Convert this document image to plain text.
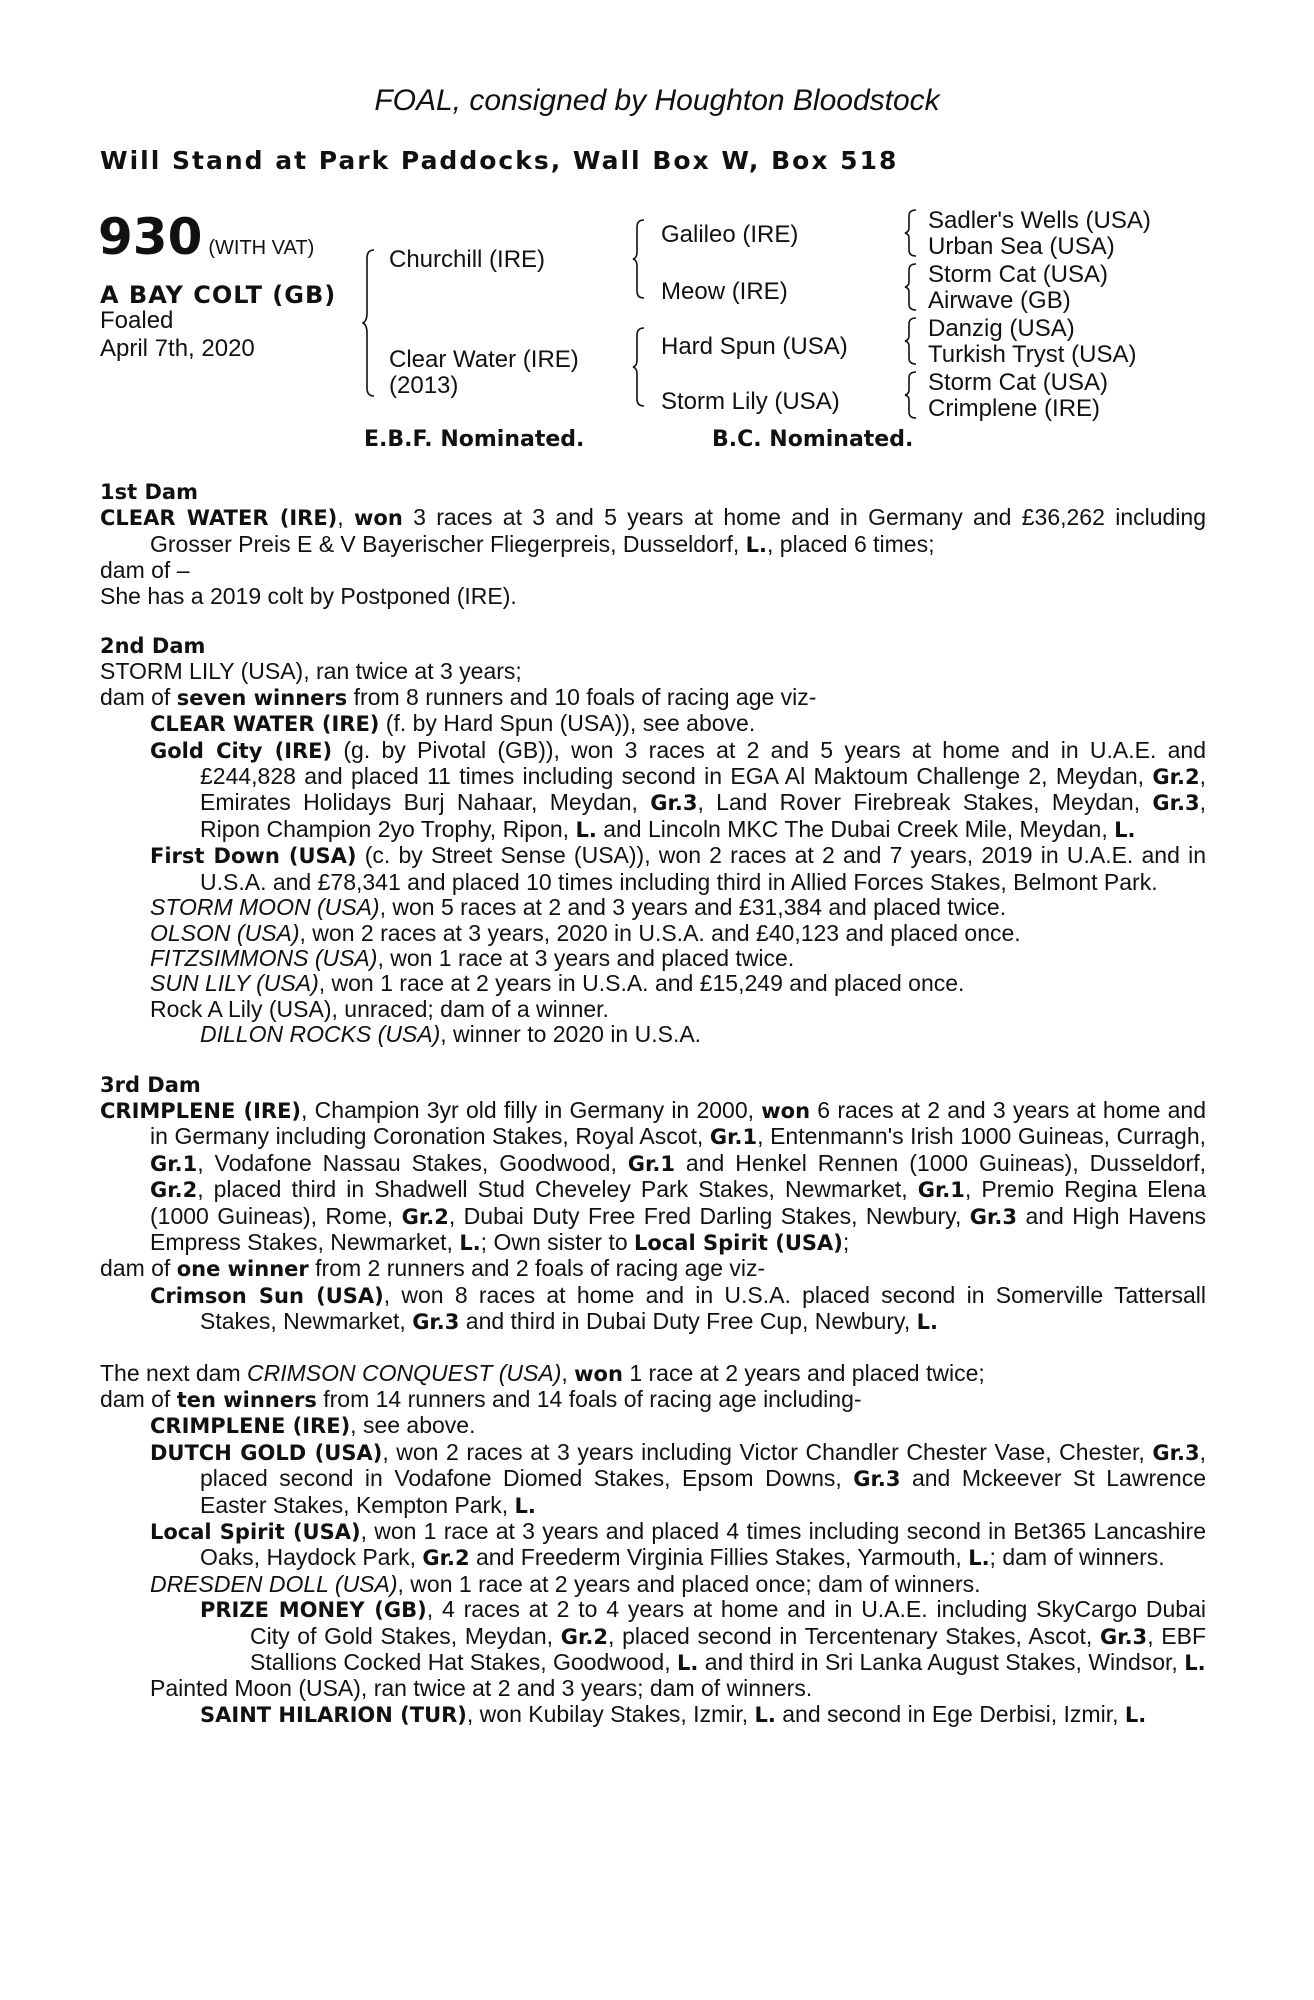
FOAL, consigned by Houghton Bloodstock
Will Stand at Park Paddocks, Wall Box W, Box 518
930 (WITH VAT)
A BAY COLT (GB)
Foaled
April 7th, 2020
Churchill (IRE)
Clear Water (IRE)
(2013)
Galileo (IRE)
Meow (IRE)
Hard Spun (USA)
Storm Lily (USA)
Sadler's Wells (USA)
Urban Sea (USA)
Storm Cat (USA)
Airwave (GB)
Danzig (USA)
Turkish Tryst (USA)
Storm Cat (USA)
Crimplene (IRE)
E.B.F. Nominated.	B.C. Nominated.
1st Dam
CLEAR WATER (IRE), won 3 races at 3 and 5 years at home and in Germany and £36,262 including Grosser Preis E & V Bayerischer Fliegerpreis, Dusseldorf, L., placed 6 times;
dam of –
She has a 2019 colt by Postponed (IRE).
2nd Dam
STORM LILY (USA), ran twice at 3 years;
dam of seven winners from 8 runners and 10 foals of racing age viz-
CLEAR WATER (IRE) (f. by Hard Spun (USA)), see above.
Gold City (IRE) (g. by Pivotal (GB)), won 3 races at 2 and 5 years at home and in U.A.E. and £244,828 and placed 11 times including second in EGA Al Maktoum Challenge 2, Meydan, Gr.2, Emirates Holidays Burj Nahaar, Meydan, Gr.3, Land Rover Firebreak Stakes, Meydan, Gr.3, Ripon Champion 2yo Trophy, Ripon, L. and Lincoln MKC The Dubai Creek Mile, Meydan, L.
First Down (USA) (c. by Street Sense (USA)), won 2 races at 2 and 7 years, 2019 in U.A.E. and in U.S.A. and £78,341 and placed 10 times including third in Allied Forces Stakes, Belmont Park.
STORM MOON (USA), won 5 races at 2 and 3 years and £31,384 and placed twice.
OLSON (USA), won 2 races at 3 years, 2020 in U.S.A. and £40,123 and placed once.
FITZSIMMONS (USA), won 1 race at 3 years and placed twice.
SUN LILY (USA), won 1 race at 2 years in U.S.A. and £15,249 and placed once.
Rock A Lily (USA), unraced; dam of a winner.
DILLON ROCKS (USA), winner to 2020 in U.S.A.
3rd Dam
CRIMPLENE (IRE), Champion 3yr old filly in Germany in 2000, won 6 races at 2 and 3 years at home and in Germany including Coronation Stakes, Royal Ascot, Gr.1, Entenmann's Irish 1000 Guineas, Curragh, Gr.1, Vodafone Nassau Stakes, Goodwood, Gr.1 and Henkel Rennen (1000 Guineas), Dusseldorf, Gr.2, placed third in Shadwell Stud Cheveley Park Stakes, Newmarket, Gr.1, Premio Regina Elena (1000 Guineas), Rome, Gr.2, Dubai Duty Free Fred Darling Stakes, Newbury, Gr.3 and High Havens Empress Stakes, Newmarket, L.; Own sister to Local Spirit (USA);
dam of one winner from 2 runners and 2 foals of racing age viz-
Crimson Sun (USA), won 8 races at home and in U.S.A. placed second in Somerville Tattersall Stakes, Newmarket, Gr.3 and third in Dubai Duty Free Cup, Newbury, L.
The next dam CRIMSON CONQUEST (USA), won 1 race at 2 years and placed twice;
dam of ten winners from 14 runners and 14 foals of racing age including-
CRIMPLENE (IRE), see above.
DUTCH GOLD (USA), won 2 races at 3 years including Victor Chandler Chester Vase, Chester, Gr.3, placed second in Vodafone Diomed Stakes, Epsom Downs, Gr.3 and Mckeever St Lawrence Easter Stakes, Kempton Park, L.
Local Spirit (USA), won 1 race at 3 years and placed 4 times including second in Bet365 Lancashire Oaks, Haydock Park, Gr.2 and Freederm Virginia Fillies Stakes, Yarmouth, L.; dam of winners.
DRESDEN DOLL (USA), won 1 race at 2 years and placed once; dam of winners.
PRIZE MONEY (GB), 4 races at 2 to 4 years at home and in U.A.E. including SkyCargo Dubai City of Gold Stakes, Meydan, Gr.2, placed second in Tercentenary Stakes, Ascot, Gr.3, EBF Stallions Cocked Hat Stakes, Goodwood, L. and third in Sri Lanka August Stakes, Windsor, L.
Painted Moon (USA), ran twice at 2 and 3 years; dam of winners.
SAINT HILARION (TUR), won Kubilay Stakes, Izmir, L. and second in Ege Derbisi, Izmir, L.
